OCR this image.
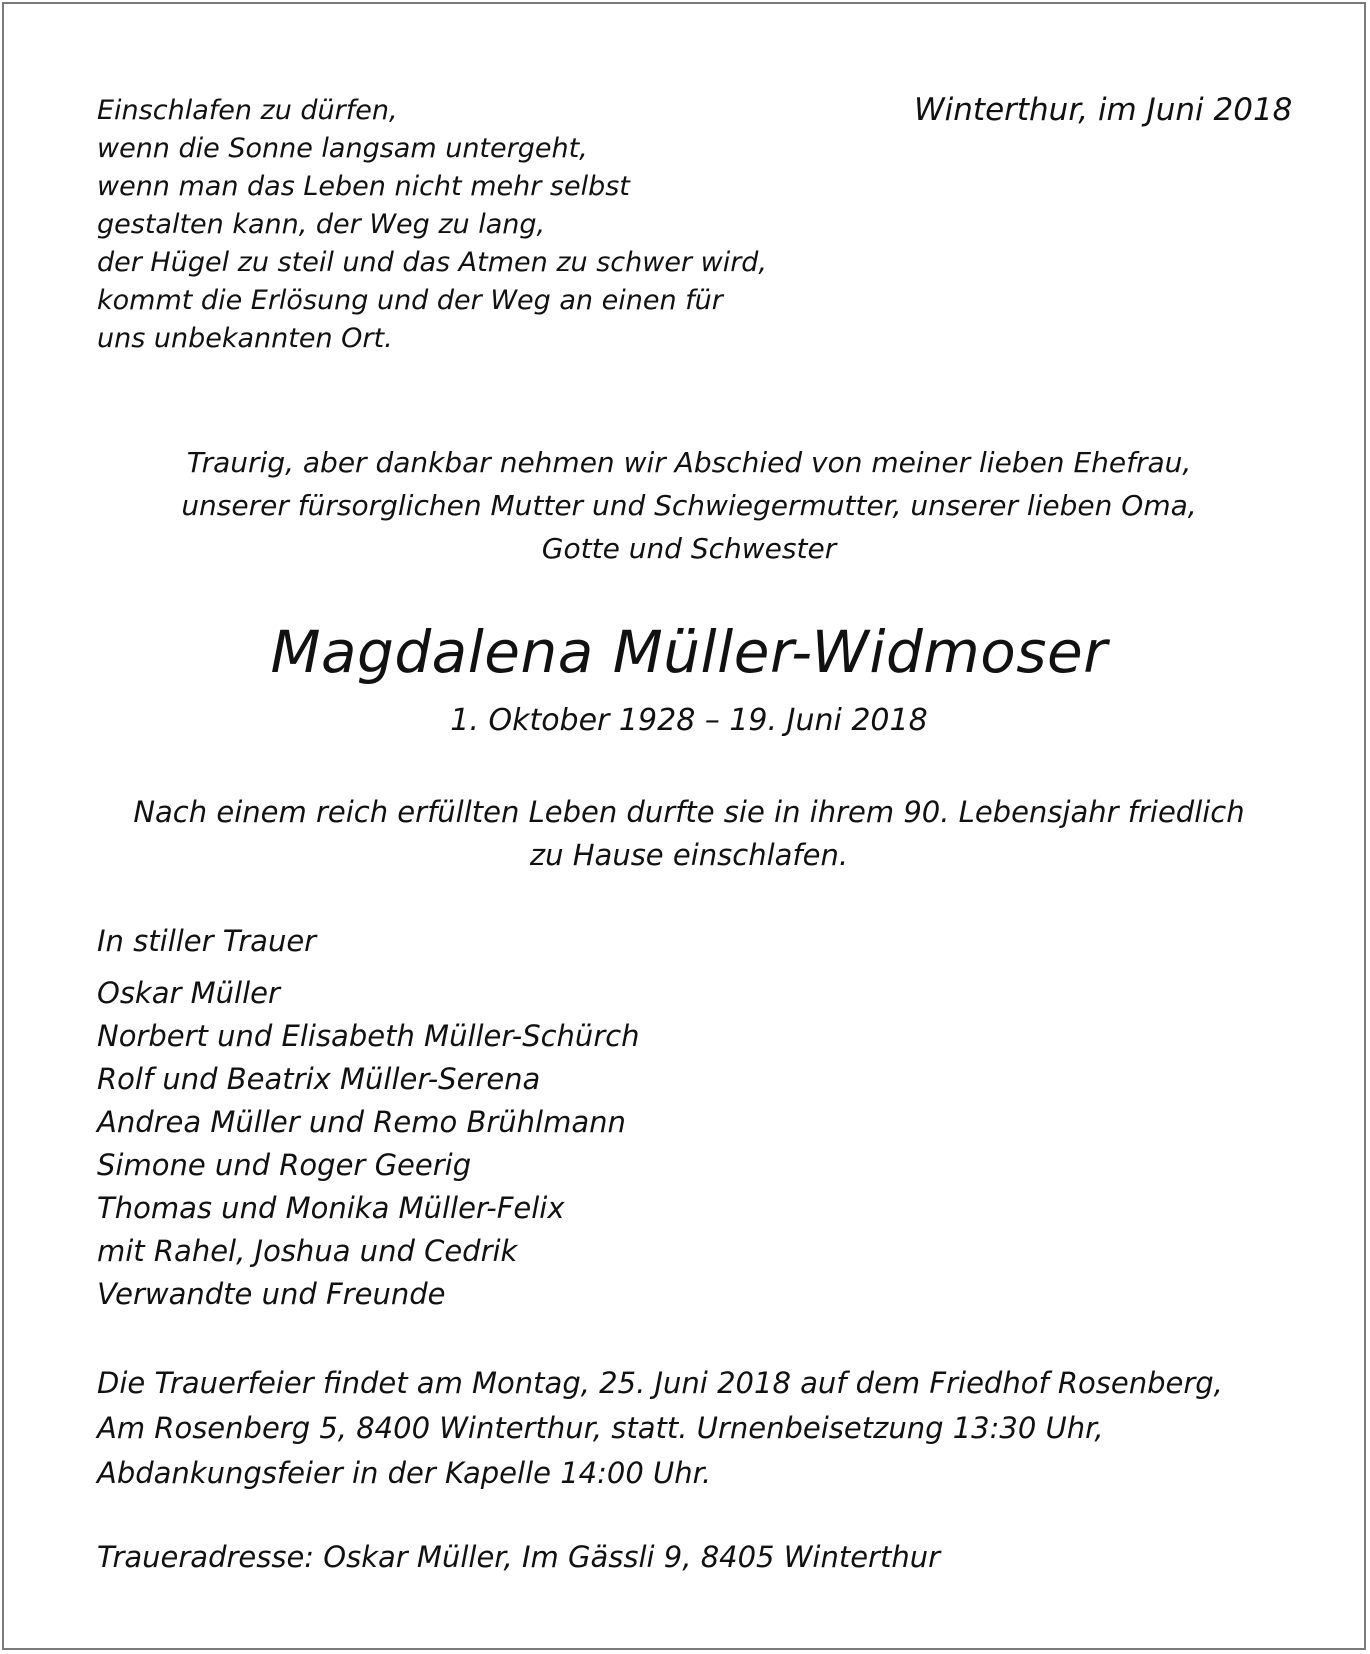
Einschlafen zu dürfen,
wenn die Sonne langsam untergeht,
wenn man das Leben nicht mehr selbst
gestalten kann, der Weg zu lang,
der Hügel zu steil und das Atmen zu schwer wird,
kommt die Erlösung und der Weg an einen für
uns unbekannten Ort.
Winterthur, im Juni 2018
Traurig, aber dankbar nehmen wir Abschied von meiner lieben Ehefrau,
unserer fürsorglichen Mutter und Schwiegermutter, unserer lieben Oma,
Gotte und Schwester
Magdalena Müller-Widmoser
1. Oktober 1928 – 19. Juni 2018
Nach einem reich erfüllten Leben durfte sie in ihrem 90. Lebensjahr friedlich
zu Hause einschlafen.
In stiller Trauer
Oskar Müller
Norbert und Elisabeth Müller-Schürch
Rolf und Beatrix Müller-Serena
Andrea Müller und Remo Brühlmann
Simone und Roger Geerig
Thomas und Monika Müller-Felix
mit Rahel, Joshua und Cedrik
Verwandte und Freunde
Die Trauerfeier findet am Montag, 25. Juni 2018 auf dem Friedhof Rosenberg,
Am Rosenberg 5, 8400 Winterthur, statt. Urnenbeisetzung 13:30 Uhr,
Abdankungsfeier in der Kapelle 14:00 Uhr.
Traueradresse: Oskar Müller, Im Gässli 9, 8405 Winterthur
